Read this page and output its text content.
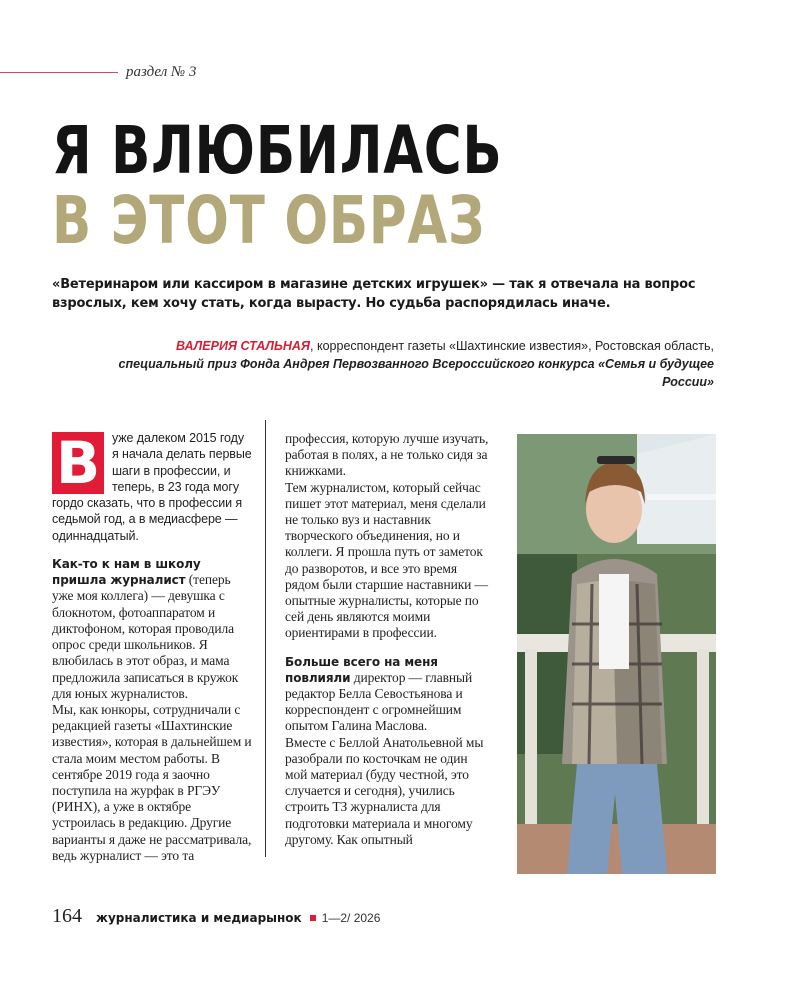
раздел № 3
Я ВЛЮБИЛАСЬ
В ЭТОТ ОБРАЗ
«Ветеринаром или кассиром в магазине детских игрушек» — так я отвечала на вопрос взрослых, кем хочу стать, когда вырасту. Но судьба распорядилась иначе.
ВАЛЕРИЯ СТАЛЬНАЯ, корреспондент газеты «Шахтинские известия», Ростовская область,
специальный приз Фонда Андрея Первозванного Всероссийского конкурса «Семья и будущее России»
В уже далеком 2015 году я начала делать первые шаги в профессии, и теперь, в 23 года могу гордо сказать, что в профессии я седьмой год, а в медиасфере — одиннадцатый.

Как-то к нам в школу пришла журналист (теперь уже моя коллега) — девушка с блокнотом, фотоаппаратом и диктофоном, которая проводила опрос среди школьников. Я влюбилась в этот образ, и мама предложила записаться в кружок для юных журналистов.

Мы, как юнкоры, сотрудничали с редакцией газеты «Шахтинские известия», которая в дальнейшем и стала моим местом работы. В сентябре 2019 года я заочно поступила на журфак в РГЭУ (РИНХ), а уже в октябре устроилась в редакцию. Другие варианты я даже не рассматривала, ведь журналист — это та

профессия, которую лучше изучать, работая в полях, а не только сидя за книжками.

Тем журналистом, который сейчас пишет этот материал, меня сделали не только вуз и наставник творческого объединения, но и коллеги. Я прошла путь от заметок до разворотов, и все это время рядом были старшие наставники — опытные журналисты, которые по сей день являются моими ориентирами в профессии.

Больше всего на меня повлияли директор — главный редактор Белла Севостьянова и корреспондент с огромнейшим опытом Галина Маслова.

Вместе с Беллой Анатольевной мы разобрали по косточкам не один мой материал (буду честной, это случается и сегодня), учились строить ТЗ журналиста для подготовки материала и многому другому. Как опытный

164 журналистика и медиарынок 1—2/ 2026
